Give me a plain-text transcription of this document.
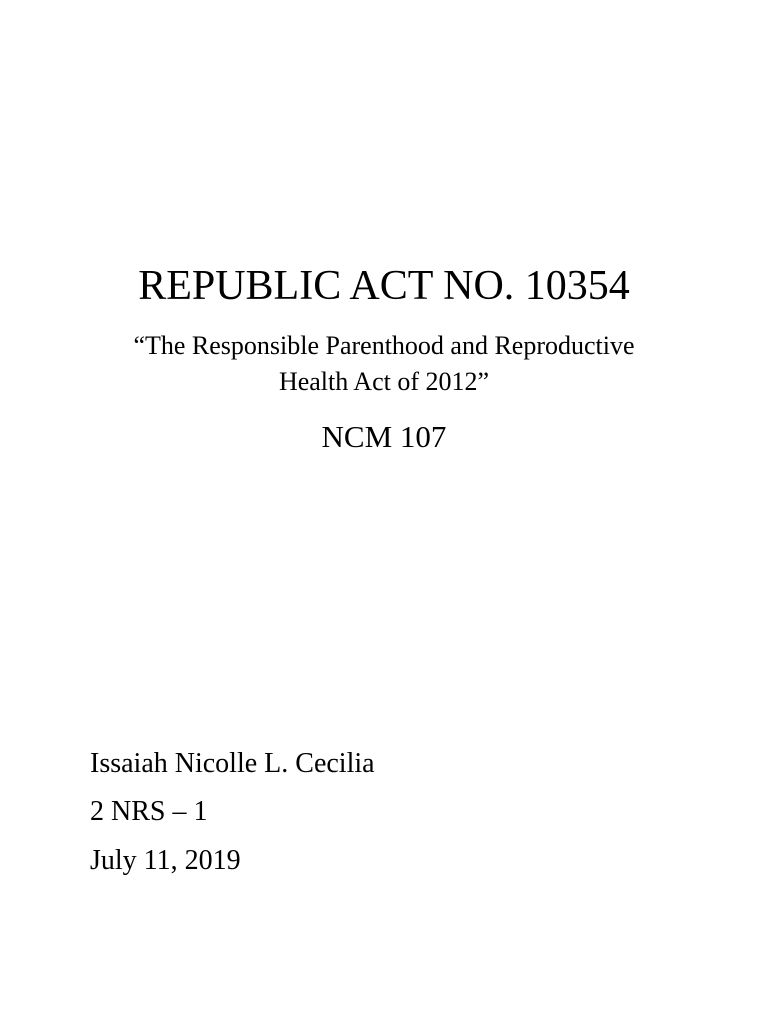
REPUBLIC ACT NO. 10354
“The Responsible Parenthood and Reproductive
Health Act of 2012”
NCM 107
Issaiah Nicolle L. Cecilia
2 NRS – 1
July 11, 2019
